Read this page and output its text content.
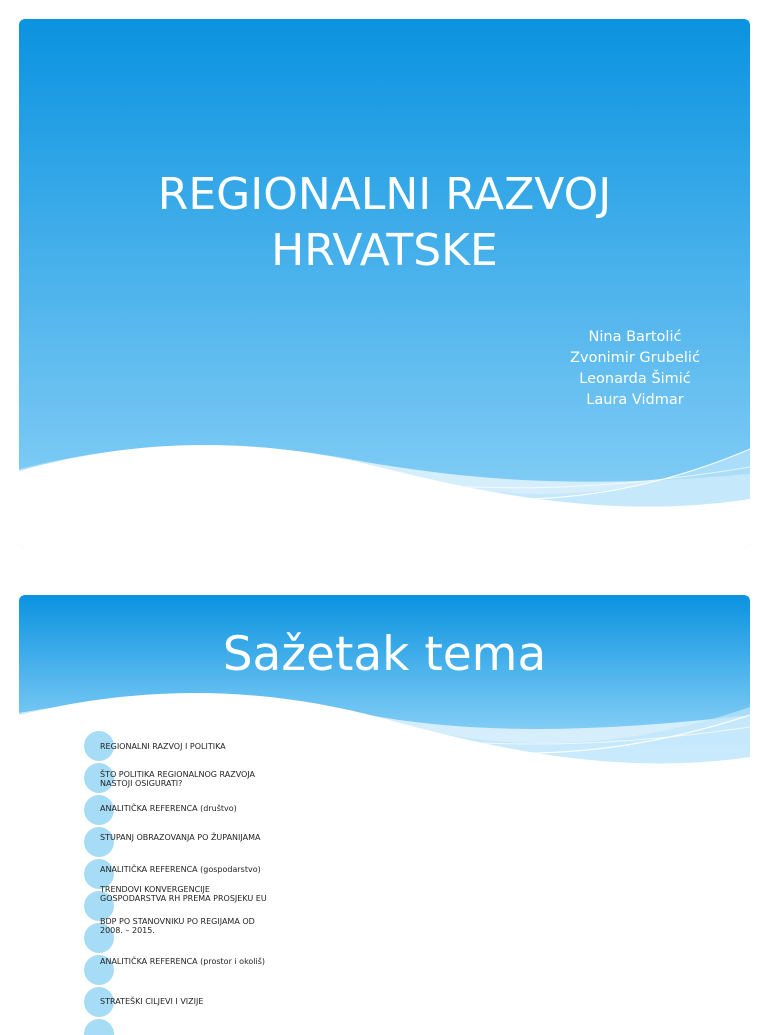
REGIONALNI RAZVOJ
HRVATSKE
Nina Bartolić
Zvonimir Grubelić
Leonarda Šimić
Laura Vidmar
Sažetak tema
REGIONALNI RAZVOJ I POLITIKA
ŠTO POLITIKA REGIONALNOG RAZVOJA NASTOJI OSIGURATI?
ANALITIČKA REFERENCA (društvo)
STUPANJ OBRAZOVANJA PO ŽUPANIJAMA
ANALITIČKA REFERENCA (gospodarstvo)
TRENDOVI KONVERGENCIJE GOSPODARSTVA RH PREMA PROSJEKU EU
BDP PO STANOVNIKU PO REGIJAMA OD 2008. – 2015.
ANALITIČKA REFERENCA (prostor i okoliš)
STRATEŠKI CILJEVI I VIZIJE
